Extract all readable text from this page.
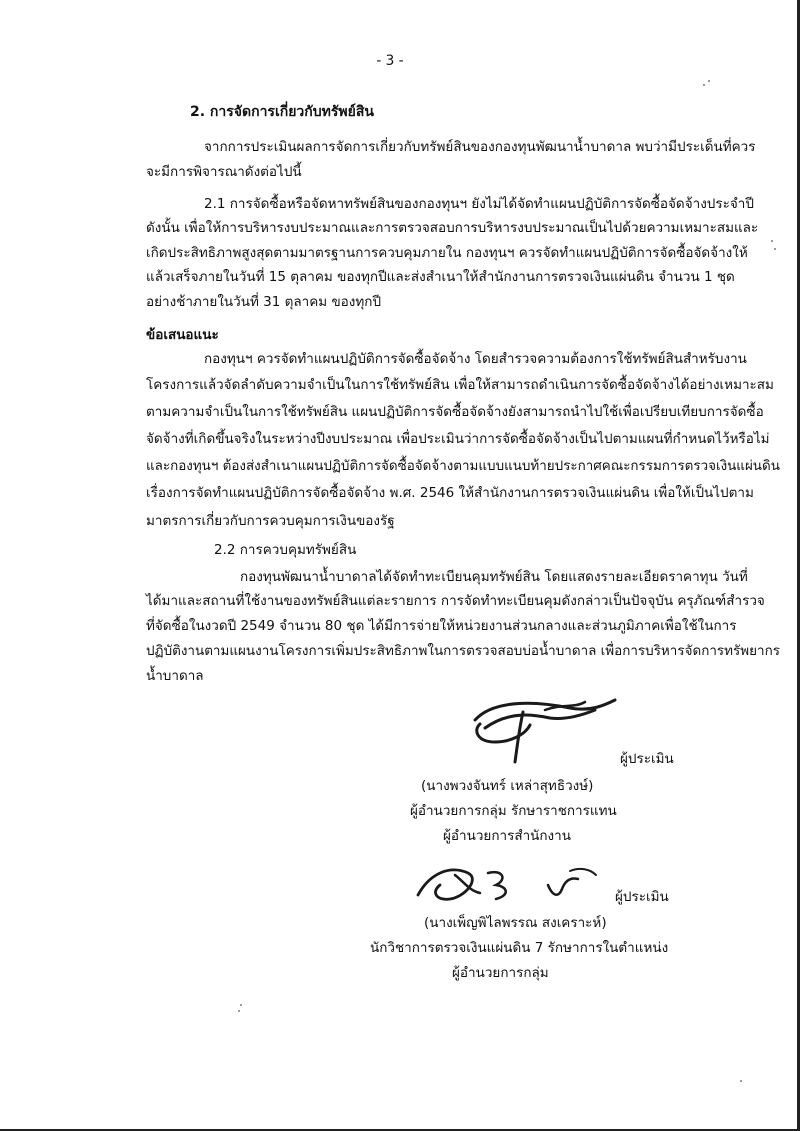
- 3 -
2. การจัดการเกี่ยวกับทรัพย์สิน
จากการประเมินผลการจัดการเกี่ยวกับทรัพย์สินของกองทุนพัฒนาน้ำบาดาล พบว่ามีประเด็นที่ควร
จะมีการพิจารณาดังต่อไปนี้
2.1 การจัดซื้อหรือจัดหาทรัพย์สินของกองทุนฯ ยังไม่ได้จัดทำแผนปฏิบัติการจัดซื้อจัดจ้างประจำปี
ดังนั้น เพื่อให้การบริหารงบประมาณและการตรวจสอบการบริหารงบประมาณเป็นไปด้วยความเหมาะสมและ
เกิดประสิทธิภาพสูงสุดตามมาตรฐานการควบคุมภายใน กองทุนฯ ควรจัดทำแผนปฏิบัติการจัดซื้อจัดจ้างให้
แล้วเสร็จภายในวันที่ 15 ตุลาคม ของทุกปีและส่งสำเนาให้สำนักงานการตรวจเงินแผ่นดิน จำนวน 1 ชุด
อย่างช้าภายในวันที่ 31 ตุลาคม ของทุกปี
ข้อเสนอแนะ
กองทุนฯ ควรจัดทำแผนปฏิบัติการจัดซื้อจัดจ้าง โดยสำรวจความต้องการใช้ทรัพย์สินสำหรับงาน
โครงการแล้วจัดลำดับความจำเป็นในการใช้ทรัพย์สิน เพื่อให้สามารถดำเนินการจัดซื้อจัดจ้างได้อย่างเหมาะสม
ตามความจำเป็นในการใช้ทรัพย์สิน แผนปฏิบัติการจัดซื้อจัดจ้างยังสามารถนำไปใช้เพื่อเปรียบเทียบการจัดซื้อ
จัดจ้างที่เกิดขึ้นจริงในระหว่างปีงบประมาณ เพื่อประเมินว่าการจัดซื้อจัดจ้างเป็นไปตามแผนที่กำหนดไว้หรือไม่
และกองทุนฯ ต้องส่งสำเนาแผนปฏิบัติการจัดซื้อจัดจ้างตามแบบแนบท้ายประกาศคณะกรรมการตรวจเงินแผ่นดิน
เรื่องการจัดทำแผนปฏิบัติการจัดซื้อจัดจ้าง พ.ศ. 2546 ให้สำนักงานการตรวจเงินแผ่นดิน เพื่อให้เป็นไปตาม
มาตรการเกี่ยวกับการควบคุมการเงินของรัฐ
2.2 การควบคุมทรัพย์สิน
กองทุนพัฒนาน้ำบาดาลได้จัดทำทะเบียนคุมทรัพย์สิน โดยแสดงรายละเอียดราคาทุน วันที่
ได้มาและสถานที่ใช้งานของทรัพย์สินแต่ละรายการ การจัดทำทะเบียนคุมดังกล่าวเป็นปัจจุบัน ครุภัณฑ์สำรวจ
ที่จัดซื้อในงวดปี 2549 จำนวน 80 ชุด ได้มีการจ่ายให้หน่วยงานส่วนกลางและส่วนภูมิภาคเพื่อใช้ในการ
ปฏิบัติงานตามแผนงานโครงการเพิ่มประสิทธิภาพในการตรวจสอบบ่อน้ำบาดาล เพื่อการบริหารจัดการทรัพยากร
น้ำบาดาล
ผู้ประเมิน
(นางพวงจันทร์ เหล่าสุทธิวงษ์)
ผู้อำนวยการกลุ่ม รักษาราชการแทน
ผู้อำนวยการสำนักงาน
ผู้ประเมิน
(นางเพ็ญพิไลพรรณ สงเคราะห์)
นักวิชาการตรวจเงินแผ่นดิน 7 รักษาการในตำแหน่ง
ผู้อำนวยการกลุ่ม
